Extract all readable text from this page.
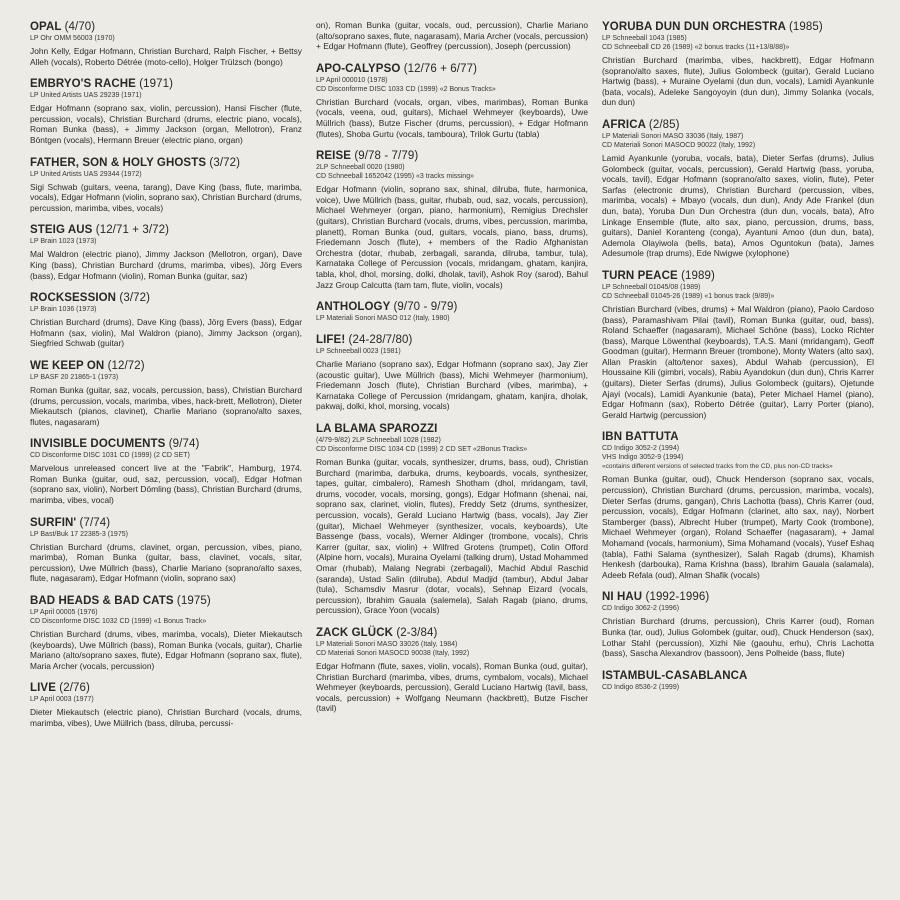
OPAL (4/70)

LP Ohr OMM 56003 (1970)

John Kelly, Edgar Hofmann, Christian Burchard, Ralph Fischer, + Bettsy Alleh (vocals), Roberto Détrée (moto-cello), Holger Trülzsch (bongo)

EMBRYO'S RACHE (1971)

LP United Artists UAS 29239 (1971)

Edgar Hofmann (soprano sax, violin, percussion), Hansi Fischer (flute, percussion, vocals), Christian Burchard (drums, electric piano, vocals), Roman Bunka (bass), + Jimmy Jackson (organ, Mellotron), Franz Böntgen (vocals), Hermann Breuer (electric piano, organ)

FATHER, SON & HOLY GHOSTS (3/72)

LP United Artists UAS 29344 (1972)

Sigi Schwab (guitars, veena, tarang), Dave King (bass, flute, marimba, vocals), Edgar Hofmann (violin, soprano sax), Christian Burchard (drums, percussion, marimba, vibes, vocals)

STEIG AUS (12/71 + 3/72)

LP Brain 1023 (1973)

Mal Waldron (electric piano), Jimmy Jackson (Mellotron, organ), Dave King (bass), Christian Burchard (drums, marimba, vibes), Jörg Evers (bass), Edgar Hofmann (violin), Roman Bunka (guitar, saz)

ROCKSESSION (3/72)

LP Brain 1036 (1973)

Christian Burchard (drums), Dave King (bass), Jörg Evers (bass), Edgar Hofmann (sax, violin), Mal Waldron (piano), Jimmy Jackson (organ), Siegfried Schwab (guitar)

WE KEEP ON (12/72)

LP BASF 20 21865-1 (1973)

Roman Bunka (guitar, saz, vocals, percussion, bass), Christian Burchard (drums, percussion, vocals, marimba, vibes, hack-brett, Mellotron), Dieter Miekautsch (pianos, clavinet), Charlie Mariano (soprano/alto saxes, flutes, nagasaram)

INVISIBLE DOCUMENTS (9/74)

CD Disconforme DISC 1031 CD (1999) (2 CD SET)

Marvelous unreleased concert live at the "Fabrik", Hamburg, 1974. Roman Bunka (guitar, oud, saz, percussion, vocal), Edgar Hofman (soprano sax, violin), Norbert Dömling (bass), Christian Burchard (drums, marimba, vibes, vocal)

SURFIN' (7/74)

LP Bast/Buk 17 22385-3 (1975)

Christian Burchard (drums, clavinet, organ, percussion, vibes, piano, marimba), Roman Bunka (guitar, bass, clavinet, vocals, sitar, percussion), Uwe Müllrich (bass), Charlie Mariano (soprano/alto saxes, flute, nagasaram), Edgar Hofmann (violin, soprano sax)

BAD HEADS & BAD CATS (1975)

LP April 00005 (1976)

CD Disconforme DISC 1032 CD (1999) «1 Bonus Track»

Christian Burchard (drums, vibes, marimba, vocals), Dieter Miekautsch (keyboards), Uwe Müllrich (bass), Roman Bunka (vocals, guitar), Charlie Mariano (alto/soprano saxes, flute), Edgar Hofmann (soprano sax, flute), Maria Archer (vocals, percussion)

LIVE (2/76)

LP April 0003 (1977)

Dieter Miekautsch (electric piano), Christian Burchard (vocals, drums, marimba, vibes), Uwe Müllrich (bass, dilruba, percussi-

on), Roman Bunka (guitar, vocals, oud, percussion), Charlie Mariano (alto/soprano saxes, flute, nagarasam), Maria Archer (vocals, percussion) + Edgar Hofmann (flute), Geoffrey (percussion), Joseph (percussion)

APO-CALYPSO (12/76 + 6/77)

LP April 000010 (1978)

CD Disconforme DISC 1033 CD (1999) «2 Bonus Tracks»

Christian Burchard (vocals, organ, vibes, marimbas), Roman Bunka (vocals, veena, oud, guitars), Michael Wehmeyer (keyboards), Uwe Müllrich (bass), Butze Fischer (drums, percussion), + Edgar Hofmann (flutes), Shoba Gurtu (vocals, tamboura), Trilok Gurtu (tabla)

REISE (9/78 - 7/79)

2LP Schneeball 0020 (1980)

CD Schneeball 1652042 (1995) «3 tracks missing»

Edgar Hofmann (violin, soprano sax, shinal, dilruba, flute, harmonica, voice), Uwe Müllrich (bass, guitar, rhubab, oud, saz, vocals, percussion), Michael Wehmeyer (organ, piano, harmonium), Remigius Drechsler (guitars), Christian Burchard (vocals, drums, vibes, percussion, marimba, planett), Roman Bunka (oud, guitars, vocals, piano, bass, drums), Friedemann Josch (flute), + members of the Radio Afghanistan Orchestra (dotar, rhubab, zerbagali, saranda, dilruba, tambur, tula), Karnataka College of Percussion (vocals, mridangam, ghatam, kanjira, tabla, khol, dhol, morsing, dolki, dholak, tavil), Ashok Roy (sarod), Bahul Jazz Group Calcutta (tam tam, flute, violin, vocals)

ANTHOLOGY (9/70 - 9/79)

LP Materiali Sonori MASO 012 (Italy, 1980)

LIFE! (24-28/7/80)

LP Schneeball 0023 (1981)

Charlie Mariano (soprano sax), Edgar Hofmann (soprano sax), Jay Zier (acoustic guitar), Uwe Müllrich (bass), Michi Wehmeyer (harmonium), Friedemann Josch (flute), Christian Burchard (vibes, marimba), + Karnataka College of Percussion (mridangam, ghatam, kanjira, dholak, pakwaj, dolki, khol, morsing, vocals)

LA BLAMA SPAROZZI

(4/79-9/82) 2LP Schneeball 1028 (1982)

CD Disconforme DISC 1034 CD (1999) 2 CD SET «2Bonus Tracks»

Roman Bunka (guitar, vocals, synthesizer, drums, bass, oud), Christian Burchard (marimba, darbuka, drums, keyboards, vocals, synthesizer, tapes, guitar, cimbalero), Ramesh Shotham (dhol, mridangam, tavil, drums, vocoder, vocals, morsing, gongs), Edgar Hofmann (shenai, nai, soprano sax, clarinet, violin, flutes), Freddy Setz (drums, synthesizer, percussion, vocals), Gerald Luciano Hartwig (bass, vocals), Jay Zier (guitar), Michael Wehmeyer (synthesizer, vocals, keyboards), Ute Bassenge (bass, vocals), Werner Aldinger (trombone, vocals), Chris Karrer (guitar, sax, violin) + Wilfred Grotens (trumpet), Colin Offord (Alpine horn, vocals), Muraina Oyelami (talking drum), Ustad Mohammed Omar (rhubab), Malang Negrabi (zerbagali), Machid Abdul Raschid (saranda), Ustad Salin (dilruba), Abdul Madjid (tambur), Abdul Jabar (tula), Schamsdiv Masrur (dotar, vocals), Sehnap Eizard (vocals, percussion), Ibrahim Gauala (salemela), Salah Ragab (piano, drums, percussion), Grace Yoon (vocals)

ZACK GLÜCK (2-3/84)

LP Materiali Sonori MASO 33026 (Italy, 1984)

CD Materiali Sonori MASOCD 90038 (Italy, 1992)

Edgar Hofmann (flute, saxes, violin, vocals), Roman Bunka (oud, guitar), Christian Burchard (marimba, vibes, drums, cymbalom, vocals), Michael Wehmeyer (keyboards, percussion), Gerald Luciano Hartwig (tavil, bass, vocals, percussion) + Wolfgang Neumann (hackbrett), Butze Fischer (tavil)

YORUBA DUN DUN ORCHESTRA (1985)

LP Schneeball 1043 (1985)

CD Schneeball CD 26 (1989) «2 bonus tracks (11+13/8/88)»

Christian Burchard (marimba, vibes, hackbrett), Edgar Hofmann (soprano/alto saxes, flute), Julius Golombeck (guitar), Gerald Luciano Hartwig (bass), + Muraine Oyelami (dun dun, vocals), Lamidi Ayankunle (bata, vocals), Adeleke Sangoyoyin (dun dun), Jimmy Solanka (vocals, dun dun)

AFRICA (2/85)

LP Materiali Sonori MASO 33036 (Italy, 1987)

CD Materiali Sonori MASOCD 90022 (Italy, 1992)

Lamid Ayankunle (yoruba, vocals, bata), Dieter Serfas (drums), Julius Golombeck (guitar, vocals, percussion), Gerald Hartwig (bass, yoruba, vocals, tavil), Edgar Hofmann (soprano/alto saxes, violin, flute), Peter Sarfas (electronic drums), Christian Burchard (percussion, vibes, marimba, vocals) + Mbayo (vocals, dun dun), Andy Ade Frankel (dun dun, bata), Yoruba Dun Dun Orchestra (dun dun, vocals, bata), Afro Linkage Ensemble (flute, alto sax, piano, percussion, drums, bass, guitars), Daniel Koranteng (conga), Ayantuni Amoo (dun dun, bata), Ademola Olayiwola (bells, bata), Amos Oguntokun (bata), James Adesumole (trap drums), Ede Nwigwe (xylophone)

TURN PEACE (1989)

LP Schneeball 01045/08 (1989)

CD Schneeball 01045-26 (1989) «1 bonus track (9/89)»

Christian Burchard (vibes, drums) + Mal Waldron (piano), Paolo Cardoso (bass), Paramashivam Pilai (tavil), Roman Bunka (guitar, oud, bass), Roland Schaeffer (nagasaram), Michael Schöne (bass), Locko Richter (bass), Marque Löwenthal (keyboards), T.A.S. Mani (mridangam), Geoff Goodman (guitar), Hermann Breuer (trombone), Monty Waters (alto sax), Allan Praskin (alto/tenor saxes), Abdul Wahab (percussion), El Houssaine Kili (gimbri, vocals), Rabiu Ayandokun (dun dun), Chris Karrer (guitars), Dieter Serfas (drums), Julius Golombeck (guitars), Ojetunde Ajayi (vocals), Lamidi Ayankunie (bata), Peter Michael Hamel (piano), Edgar Hofmann (sax), Roberto Détrée (guitar), Larry Porter (piano), Gerald Hartwig (percussion)

IBN BATTUTA

CD Indigo 3052-2 (1994)

VHS Indigo 3052-9 (1994)

«contains different versions of selected tracks from the CD, plus non-CD tracks»

Roman Bunka (guitar, oud), Chuck Henderson (soprano sax, vocals, percussion), Christian Burchard (drums, percussion, marimba, vocals), Dieter Serfas (drums, gangan), Chris Lachotta (bass), Chris Karrer (oud, percussion, vocals), Edgar Hofmann (clarinet, alto sax, nay), Norbert Stamberger (bass), Albrecht Huber (trumpet), Marty Cook (trombone), Michael Wehmeyer (organ), Roland Schaeffer (nagasaram), + Jamal Mohamand (vocals, harmonium), Sima Mohamand (vocals), Yusef Eshaq (tabla), Fathi Salama (synthesizer), Salah Ragab (drums), Khamish Henkesh (darbouka), Rama Krishna (bass), Ibrahim Gauala (salamala), Adeeb Refala (oud), Alman Shafik (vocals)

NI HAU (1992-1996)

CD Indigo 3062-2 (1996)

Christian Burchard (drums, percussion), Chris Karrer (oud), Roman Bunka (tar, oud), Julius Golombek (guitar, oud), Chuck Henderson (sax), Lothar Stahl (percussion), Xizhi Nie (gaouhu, erhu), Chris Lachotta (bass), Sascha Alexandrov (bassoon), Jens Polheide (bass, flute)

ISTAMBUL-CASABLANCA

CD Indigo 8536-2 (1999)
